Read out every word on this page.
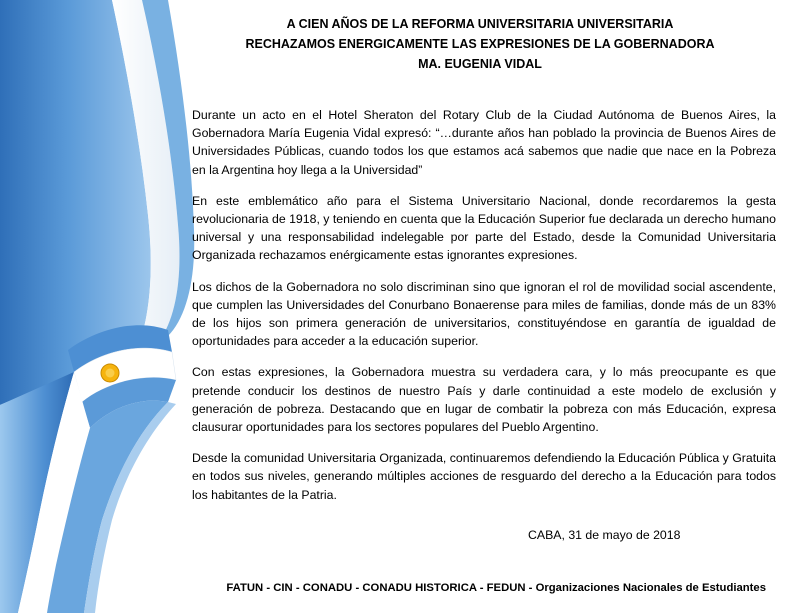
A CIEN AÑOS DE LA REFORMA UNIVERSITARIA UNIVERSITARIA
RECHAZAMOS ENERGICAMENTE LAS EXPRESIONES DE LA GOBERNADORA
MA. EUGENIA VIDAL

Durante un acto en el Hotel Sheraton del Rotary Club de la Ciudad Autónoma de Buenos Aires, la Gobernadora María Eugenia Vidal expresó: “…durante años han poblado la provincia de Buenos Aires de Universidades Públicas, cuando todos los que estamos acá sabemos que nadie que nace en la Pobreza en la Argentina hoy llega a la Universidad”

En este emblemático año para el Sistema Universitario Nacional, donde recordaremos la gesta revolucionaria de 1918, y teniendo en cuenta que la Educación Superior fue declarada un derecho humano universal y una responsabilidad indelegable por parte del Estado, desde la Comunidad Universitaria Organizada rechazamos enérgicamente estas ignorantes expresiones.

Los dichos de la Gobernadora no solo discriminan sino que ignoran el rol de movilidad social ascendente, que cumplen las Universidades del Conurbano Bonaerense para miles de familias, donde más de un 83% de los hijos son primera generación de universitarios, constituyéndose en garantía de igualdad de oportunidades para acceder a la educación superior.

Con estas expresiones, la Gobernadora muestra su verdadera cara, y lo más preocupante es que pretende conducir los destinos de nuestro País y darle continuidad a este modelo de exclusión y generación de pobreza. Destacando que en lugar de combatir la pobreza con más Educación, expresa clausurar oportunidades para los sectores populares del Pueblo Argentino.

Desde la comunidad Universitaria Organizada, continuaremos defendiendo la Educación Pública y Gratuita en todos sus niveles, generando múltiples acciones de resguardo del derecho a la Educación para todos los habitantes de la Patria.

CABA, 31 de mayo de 2018
FATUN - CIN - CONADU - CONADU HISTORICA - FEDUN - Organizaciones Nacionales de Estudiantes
